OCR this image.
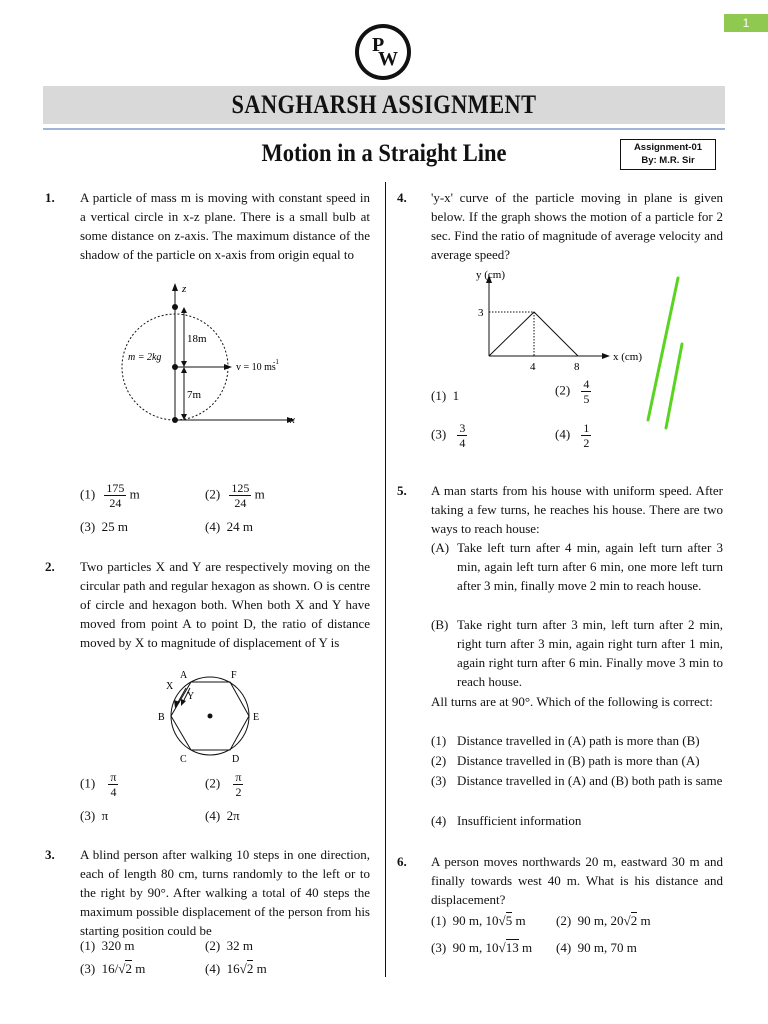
1
P
W
SANGHARSH ASSIGNMENT
Motion in a Straight Line	Assignment-01
By: M.R. Sir
1. A particle of mass m is moving with constant speed in a vertical circle in x-z plane. There is a small bulb at some distance on z-axis. The maximum distance of the shadow of the particle on x-axis from origin equal to
z
x
18m
7m
m = 2kg
v = 10 ms
-1
$(1) \frac{175}{24}$ m	$(2) \frac{125}{24}$ m
(3) 25 m	(4) 24 m
2. Two particles X and Y are respectively moving on the circular path and regular hexagon as shown. O is centre of circle and hexagon both. When both X and Y have moved from point A to point D, the ratio of distance moved by X to magnitude of displacement of Y is
A	F
X
Y
B	E
C	D
$(1) \frac{\pi}{4}$	$(2) \frac{\pi}{2}$
(3) π	(4) 2π
3. A blind person after walking 10 steps in one direction, each of length 80 cm, turns randomly to the left or to the right by 90°. After walking a total of 40 steps the maximum possible displacement of the person from his starting position could be
(1) 320 m	(2) 32 m
(3) 16/√2 m	(4) 16√2 m
4. 'y-x' curve of the particle moving in plane is given below. If the graph shows the motion of a particle for 2 sec. Find the ratio of magnitude of average velocity and average speed?
y (cm)
x (cm)
3
4	8
(1) 1	$(2) \frac{4}{5}$
$(3) \frac{3}{4}$	$(4) \frac{1}{2}$
5. A man starts from his house with uniform speed. After taking a few turns, he reaches his house. There are two ways to reach house:
(A) Take left turn after 4 min, again left turn after 3 min, again left turn after 6 min, one more left turn after 3 min, finally move 2 min to reach house.
(B) Take right turn after 3 min, left turn after 2 min, right turn after 3 min, again right turn after 1 min, again right turn after 6 min. Finally move 3 min to reach house.
All turns are at 90°. Which of the following is correct:
(1) Distance travelled in (A) path is more than (B)
(2) Distance travelled in (B) path is more than (A)
(3) Distance travelled in (A) and (B) both path is same
(4) Insufficient information
6. A person moves northwards 20 m, eastward 30 m and finally towards west 40 m. What is his distance and displacement?
(1) 90 m, 10√5 m (2) 90 m, 20√2 m
(3) 90 m, 10√13 m (4) 90 m, 70 m
